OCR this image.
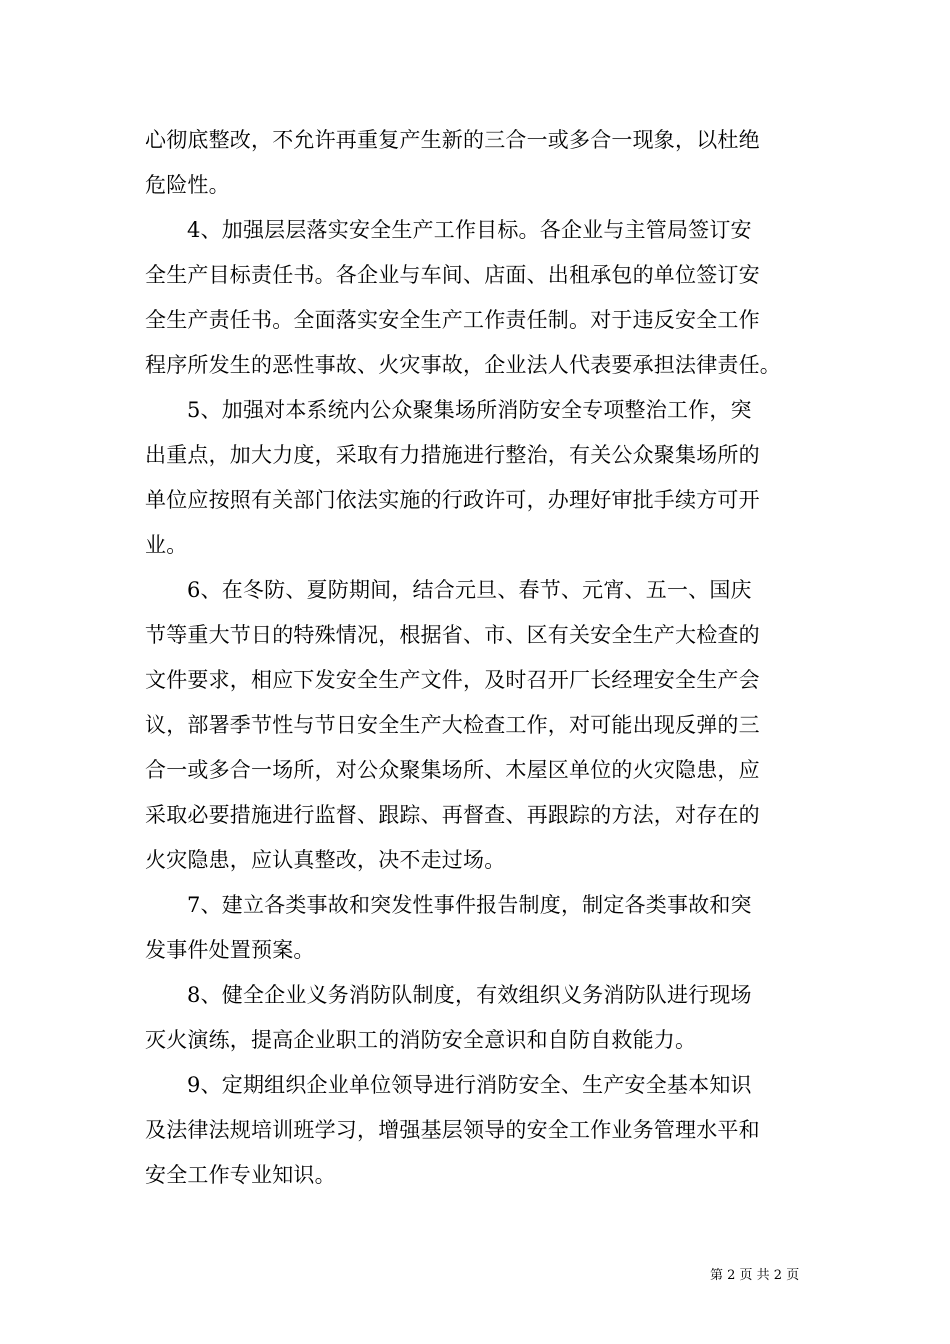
心彻底整改，不允许再重复产生新的三合一或多合一现象，以杜绝
危险性。
4、加强层层落实安全生产工作目标。各企业与主管局签订安
全生产目标责任书。各企业与车间、店面、出租承包的单位签订安
全生产责任书。全面落实安全生产工作责任制。对于违反安全工作
程序所发生的恶性事故、火灾事故，企业法人代表要承担法律责任。
5、加强对本系统内公众聚集场所消防安全专项整治工作，突
出重点，加大力度，采取有力措施进行整治，有关公众聚集场所的
单位应按照有关部门依法实施的行政许可，办理好审批手续方可开
业。
6、在冬防、夏防期间，结合元旦、春节、元宵、五一、国庆
节等重大节日的特殊情况，根据省、市、区有关安全生产大检查的
文件要求，相应下发安全生产文件，及时召开厂长经理安全生产会
议，部署季节性与节日安全生产大检查工作，对可能出现反弹的三
合一或多合一场所，对公众聚集场所、木屋区单位的火灾隐患，应
采取必要措施进行监督、跟踪、再督查、再跟踪的方法，对存在的
火灾隐患，应认真整改，决不走过场。
7、建立各类事故和突发性事件报告制度，制定各类事故和突
发事件处置预案。
8、健全企业义务消防队制度，有效组织义务消防队进行现场
灭火演练，提高企业职工的消防安全意识和自防自救能力。
9、定期组织企业单位领导进行消防安全、生产安全基本知识
及法律法规培训班学习，增强基层领导的安全工作业务管理水平和
安全工作专业知识。
第 2 页 共 2 页
